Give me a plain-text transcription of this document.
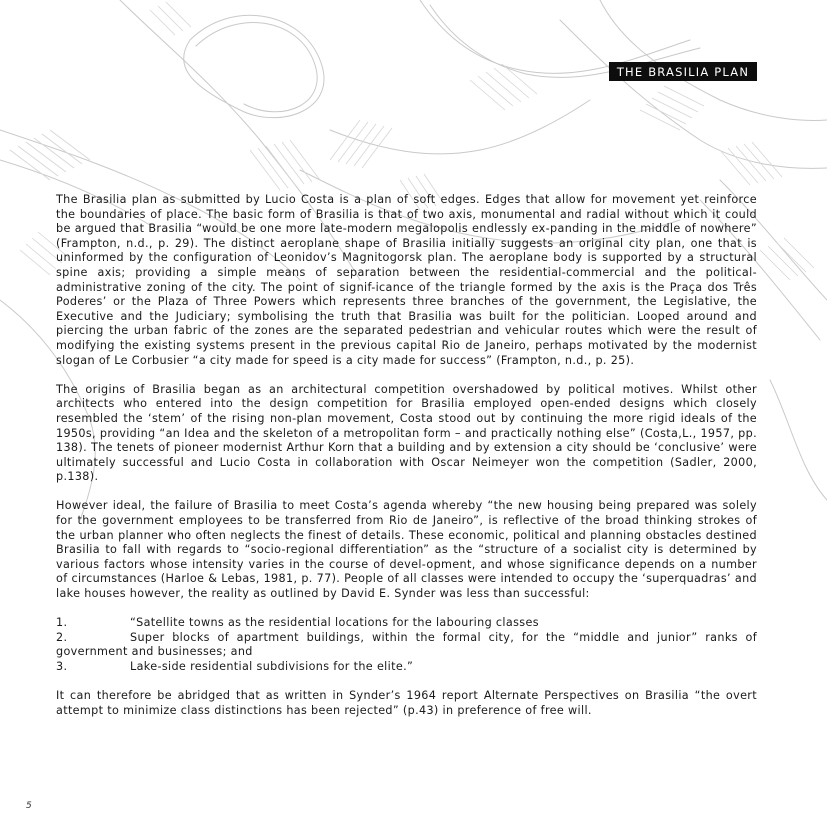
THE BRASILIA PLAN

The Brasilia plan as submitted by Lucio Costa is a plan of soft edges. Edges that allow for movement yet reinforce the boundaries of place. The basic form of Brasilia is that of two axis, monumental and radial without which it could be argued that Brasilia “would be one more late-modern megalopolis endlessly ex-panding in the middle of nowhere” (Frampton, n.d., p. 29). The distinct aeroplane shape of Brasilia initially suggests an original city plan, one that is uninformed by the configuration of Leonidov’s Magnitogorsk plan. The aeroplane body is supported by a structural spine axis; providing a simple means of separation between the residential-commercial and the political-administrative zoning of the city. The point of signif-icance of the triangle formed by the axis is the Praça dos Três Poderes’ or the Plaza of Three Powers which represents three branches of the government, the Legislative, the Executive and the Judiciary; symbolising the truth that Brasilia was built for the politician. Looped around and piercing the urban fabric of the zones are the separated pedestrian and vehicular routes which were the result of modifying the existing systems present in the previous capital Rio de Janeiro, perhaps motivated by the modernist slogan of Le Corbusier “a city made for speed is a city made for success” (Frampton, n.d., p. 25).

The origins of Brasilia began as an architectural competition overshadowed by political motives. Whilst other architects who entered into the design competition for Brasilia employed open-ended designs which closely resembled the ‘stem’ of the rising non-plan movement, Costa stood out by continuing the more rigid ideals of the 1950s, providing “an Idea and the skeleton of a metropolitan form – and practically nothing else” (Costa,L., 1957, pp. 138). The tenets of pioneer modernist Arthur Korn that a building and by extension a city should be ‘conclusive’ were ultimately successful and Lucio Costa in collaboration with Oscar Neimeyer won the competition (Sadler, 2000, p.138).

However ideal, the failure of Brasilia to meet Costa’s agenda whereby “the new housing being prepared was solely for the government employees to be transferred from Rio de Janeiro”, is reflective of the broad thinking strokes of the urban planner who often neglects the finest of details. These economic, political and planning obstacles destined Brasilia to fall with regards to “socio-regional differentiation” as the “structure of a socialist city is determined by various factors whose intensity varies in the course of devel-opment, and whose significance depends on a number of circumstances (Harloe & Lebas, 1981, p. 77). People of all classes were intended to occupy the ‘superquadras’ and lake houses however, the reality as outlined by David E. Synder was less than successful:

1.	“Satellite towns as the residential locations for the labouring classes
2.	Super blocks of apartment buildings, within the formal city, for the “middle and junior” ranks of government and businesses; and
3.	Lake-side residential subdivisions for the elite.”

It can therefore be abridged that as written in Synder’s 1964 report Alternate Perspectives on Brasilia “the overt attempt to minimize class distinctions has been rejected” (p.43) in preference of free will.

5
